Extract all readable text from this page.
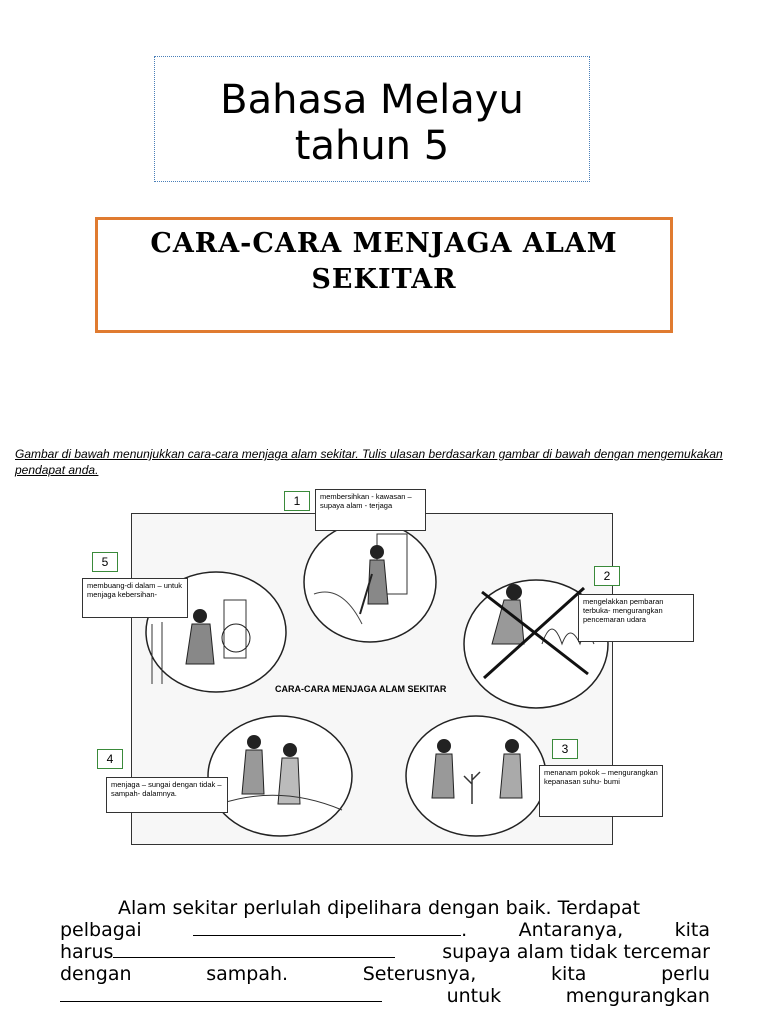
Bahasa Melayu
tahun 5
CARA-CARA MENJAGA ALAM
SEKITAR
Gambar di bawah menunjukkan cara-cara menjaga alam sekitar. Tulis ulasan berdasarkan gambar di bawah dengan mengemukakan pendapat anda.
CARA-CARA MENJAGA ALAM SEKITAR
1	membersihkan - kawasan – supaya alam - terjaga
2
mengelakkan pembaran terbuka- mengurangkan pencemaran udara
3
menanam pokok – mengurangkan kepanasan suhu- bumi
4
menjaga – sungai dengan tidak – sampah- dalamnya.
5
membuang-di dalam – untuk menjaga kebersihan-
Alam sekitar perlulah dipelihara dengan baik. Terdapat
pelbagai	.	Antaranya,	kita
harus	supaya alam tidak tercemar
dengan	sampah.	Seterusnya,	kita	perlu
untuk	mengurangkan
